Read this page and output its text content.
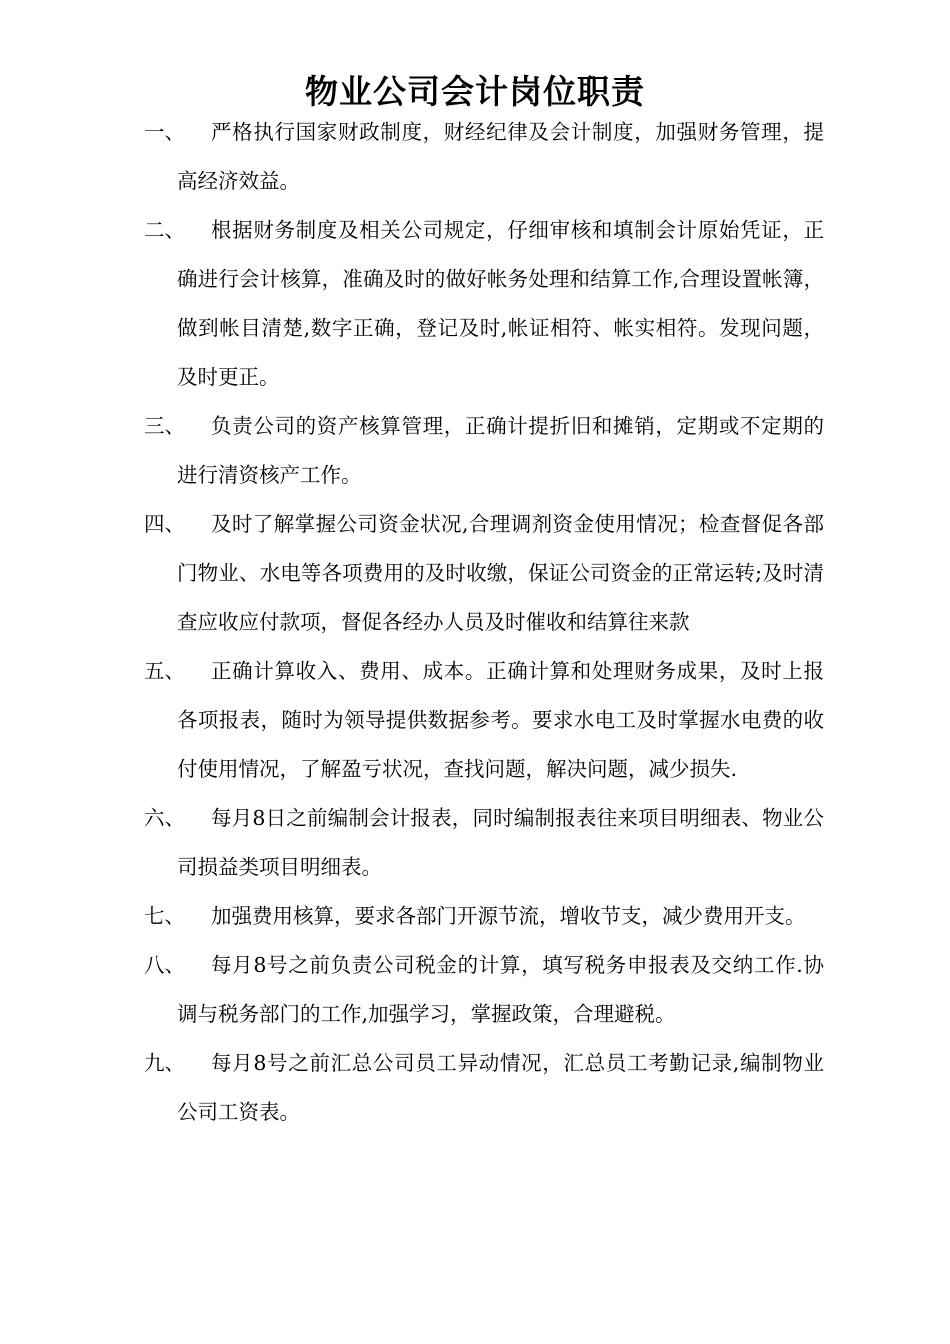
物业公司会计岗位职责
一、	严格执行国家财政制度，财经纪律及会计制度，加强财务管理，提高经济效益。
二、	根据财务制度及相关公司规定，仔细审核和填制会计原始凭证，正确进行会计核算，准确及时的做好帐务处理和结算工作,合理设置帐簿，做到帐目清楚,数字正确，登记及时,帐证相符、帐实相符。发现问题，及时更正。
三、	负责公司的资产核算管理，正确计提折旧和摊销，定期或不定期的进行清资核产工作。
四、	及时了解掌握公司资金状况,合理调剂资金使用情况；检查督促各部门物业、水电等各项费用的及时收缴，保证公司资金的正常运转;及时清查应收应付款项，督促各经办人员及时催收和结算往来款
五、	正确计算收入、费用、成本。正确计算和处理财务成果，及时上报各项报表，随时为领导提供数据参考。要求水电工及时掌握水电费的收付使用情况，了解盈亏状况，查找问题，解决问题，减少损失.
六、	每月8日之前编制会计报表，同时编制报表往来项目明细表、物业公司损益类项目明细表。
七、	加强费用核算，要求各部门开源节流，增收节支，减少费用开支。
八、	每月8号之前负责公司税金的计算，填写税务申报表及交纳工作.协调与税务部门的工作,加强学习，掌握政策，合理避税。
九、	每月8号之前汇总公司员工异动情况，汇总员工考勤记录,编制物业公司工资表。
